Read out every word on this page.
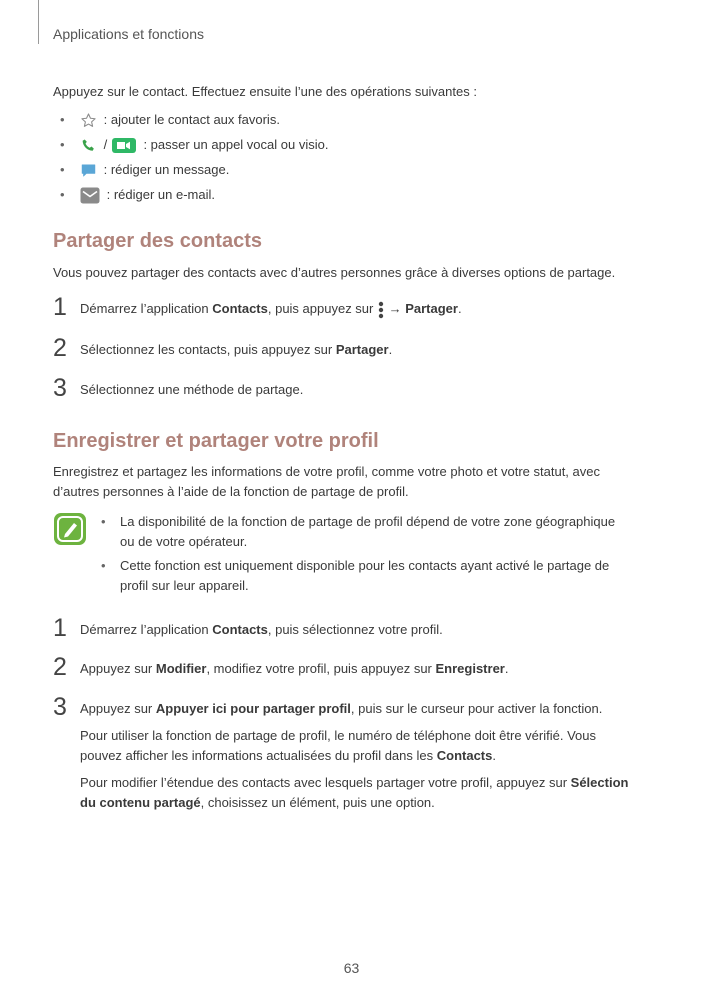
Applications et fonctions

Appuyez sur le contact. Effectuez ensuite l’une des opérations suivantes :

•	: ajouter le contact aux favoris.
•	/ : passer un appel vocal ou visio.
•	: rédiger un message.
•	: rédiger un e-mail.
Partager des contacts

Vous pouvez partager des contacts avec d’autres personnes grâce à diverses options de partage.

1 Démarrez l’application Contacts, puis appuyez sur
→ Partager.
2 Sélectionnez les contacts, puis appuyez sur Partager.
3 Sélectionnez une méthode de partage.
Enregistrer et partager votre profil

Enregistrez et partagez les informations de votre profil, comme votre photo et votre statut, avec
d’autres personnes à l’aide de la fonction de partage de profil.

• La disponibilité de la fonction de partage de profil dépend de votre zone géographique
ou de votre opérateur.
• Cette fonction est uniquement disponible pour les contacts ayant activé le partage de
profil sur leur appareil.
1 Démarrez l’application Contacts, puis sélectionnez votre profil.
2 Appuyez sur Modifier, modifiez votre profil, puis appuyez sur Enregistrer.
3 Appuyez sur Appuyer ici pour partager profil, puis sur le curseur pour activer la fonction.
Pour utiliser la fonction de partage de profil, le numéro de téléphone doit être vérifié. Vous
pouvez afficher les informations actualisées du profil dans les Contacts.
Pour modifier l’étendue des contacts avec lesquels partager votre profil, appuyez sur Sélection
du contenu partagé, choisissez un élément, puis une option.
63
